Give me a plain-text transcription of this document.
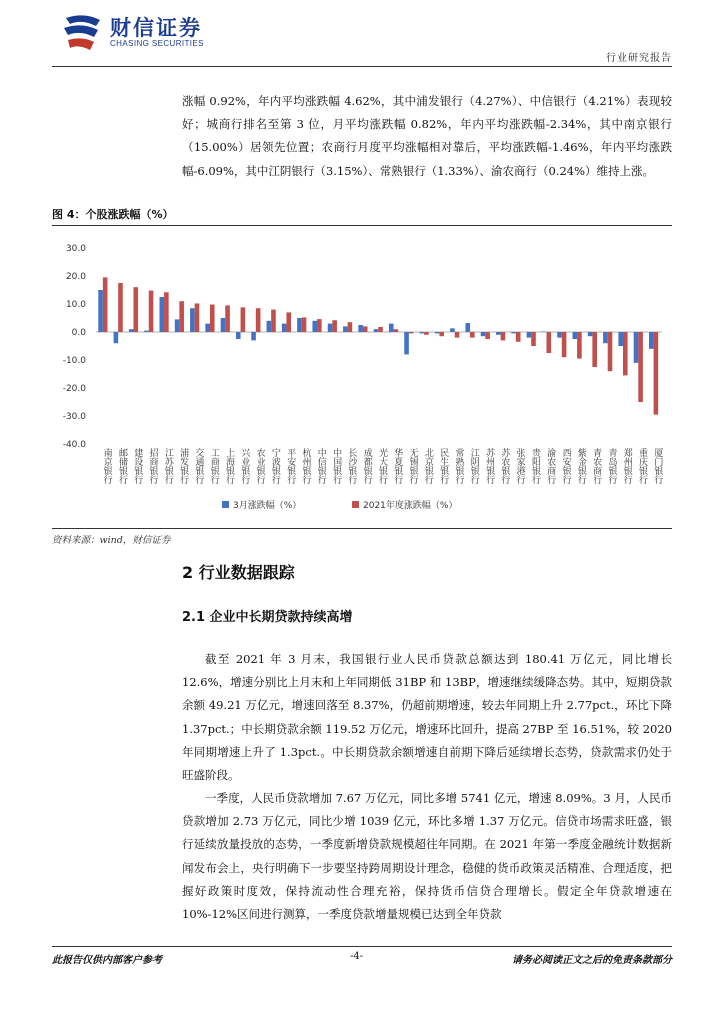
财信证券
CHASING SECURITIES
行业研究报告
涨幅 0.92%，年内平均涨跌幅 4.62%，其中浦发银行（4.27%）、中信银行（4.21%）表现较好；城商行排名至第 3 位，月平均涨跌幅 0.82%，年内平均涨跌幅-2.34%，其中南京银行（15.00%）居领先位置；农商行月度平均涨幅相对靠后，平均涨跌幅-1.46%，年内平均涨跌幅-6.09%，其中江阴银行（3.15%）、常熟银行（1.33%）、渝农商行（0.24%）维持上涨。
图 4：个股涨跌幅（%）
30.0
20.0
10.0
0.0
-10.0
-20.0
-30.0
-40.0
南京银行 邮储银行 建设银行 招商银行 江苏银行 浦发银行 交通银行 工商银行 上海银行 兴业银行 农业银行 宁波银行 平安银行 杭州银行 中信银行 中国银行 长沙银行 成都银行 光大银行 华夏银行 无锡银行 北京银行 民生银行 常熟银行 江阴银行 苏州银行 苏农银行 张家港行 贵阳银行 渝农商行 西安银行 紫金银行 青农商行 青岛银行 郑州银行 重庆银行 厦门银行
3月涨跌幅（%）	2021年度涨跌幅（%）
资料来源：wind，财信证券
2 行业数据跟踪
2.1 企业中长期贷款持续高增
截至 2021 年 3 月末，我国银行业人民币贷款总额达到 180.41 万亿元，同比增长 12.6%，增速分别比上月末和上年同期低 31BP 和 13BP，增速继续缓降态势。其中，短期贷款余额 49.21 万亿元，增速回落至 8.37%，仍超前期增速，较去年同期上升 2.77pct.，环比下降 1.37pct.；中长期贷款余额 119.52 万亿元，增速环比回升，提高 27BP 至 16.51%，较 2020 年同期增速上升了 1.3pct.。中长期贷款余额增速自前期下降后延续增长态势，贷款需求仍处于旺盛阶段。
一季度，人民币贷款增加 7.67 万亿元，同比多增 5741 亿元，增速 8.09%。3 月，人民币贷款增加 2.73 万亿元，同比少增 1039 亿元，环比多增 1.37 万亿元。信贷市场需求旺盛，银行延续放量投放的态势，一季度新增贷款规模超往年同期。在 2021 年第一季度金融统计数据新闻发布会上，央行明确下一步要坚持跨周期设计理念，稳健的货币政策灵活精准、合理适度，把握好政策时度效，保持流动性合理充裕，保持货币信贷合理增长。假定全年贷款增速在 10%-12%区间进行测算，一季度贷款增量规模已达到全年贷款
此报告仅供内部客户参考	-4-	请务必阅读正文之后的免责条款部分
